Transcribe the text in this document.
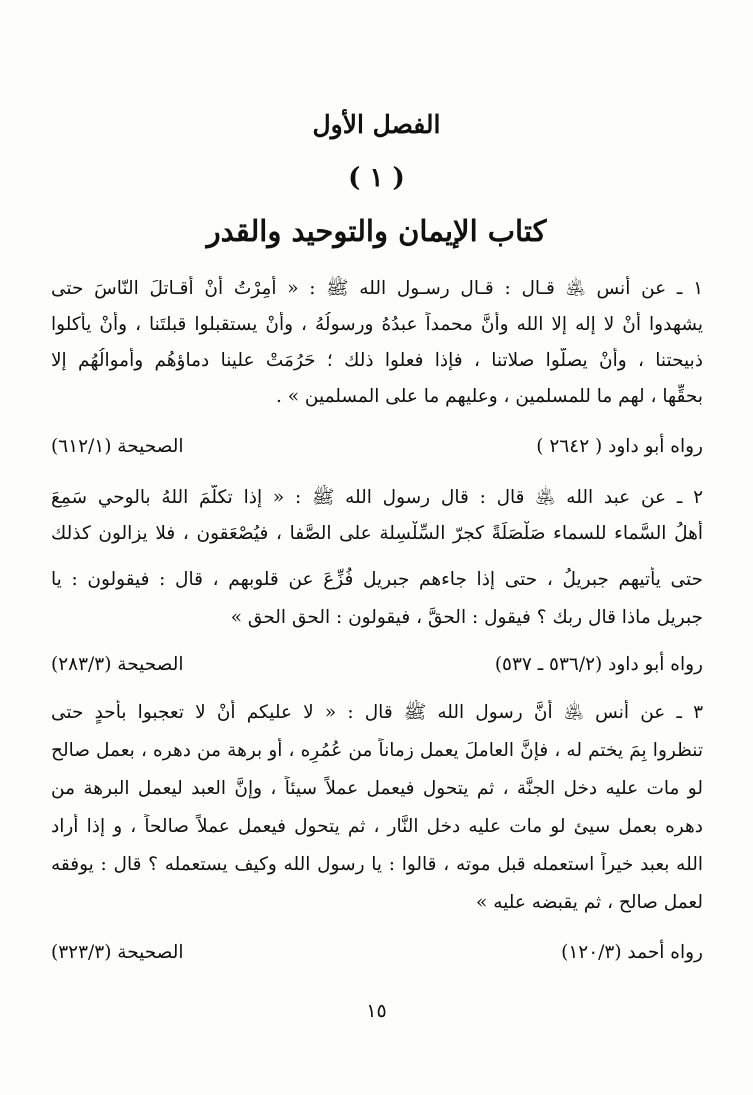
الفصل الأول
( ١ )
كتاب الإيمان والتوحيد والقدر
١ ـ عن أنس ﵁ قـال : قـال رسـول الله ﷺ : « أُمِرْتُ أنْ أُقـاتلَ النّاسَ حتى
يشهدوا أنْ لا إله إلا الله وأنَّ محمداً عبدُهُ ورسولُهُ ، وأنْ يستقبلوا قبلتَنا ، وأنْ يأكلوا
ذبيحتنا ، وأنْ يصلُّوا صلاتنا ، فإذا فعلوا ذلك ؛ حَرُمَتْ علينا دماؤهُم وأموالُهُم إلا
بحقِّها ، لهم ما للمسلمين ، وعليهم ما على المسلمين » .
رواه أبو داود ( ٢٦٤٢ )
الصحيحة (٦١٢/١)
٢ ـ عن عبد الله ﵁ قال : قال رسول الله ﷺ : « إذا تكلَّمَ اللهُ بالوحي سَمِعَ
أهلُ السَّماء للسماء صَلْصَلَةً كجرّ السِّلْسِلة على الصَّفا ، فيُصْعَقون ، فلا يزالون كذلك
حتى يأتيهم جبريلُ ، حتى إذا جاءهم جبريل فُزِّعَ عن قلوبهم ، قال : فيقولون : يا
جبريل ماذا قال ربك ؟ فيقول : الحقَّ ، فيقولون : الحق الحق »
رواه أبو داود (٥٣٦/٢ ـ ٥٣٧)
الصحيحة (٢٨٣/٣)
٣ ـ عن أنس ﵁ أنَّ رسول الله ﷺ قال : « لا عليكم أنْ لا تعجبوا بأحدٍ حتى
تنظروا بِمَ يختم له ، فإنَّ العاملَ يعمل زماناً من عُمُرِه ، أو برهة من دهره ، بعمل صالح
لو مات عليه دخل الجنَّة ، ثم يتحول فيعمل عملاً سيئاً ، وإنَّ العبد ليعمل البرهة من
دهره بعمل سيئ لو مات عليه دخل النَّار ، ثم يتحول فيعمل عملاً صالحاً ، و إذا أراد
الله بعبد خيراً استعمله قبل موته ، قالوا : يا رسول الله وكيف يستعمله ؟ قال : يوفقه
لعمل صالح ، ثم يقبضه عليه »
رواه أحمد (١٢٠/٣)
الصحيحة (٣٢٣/٣)
١٥
